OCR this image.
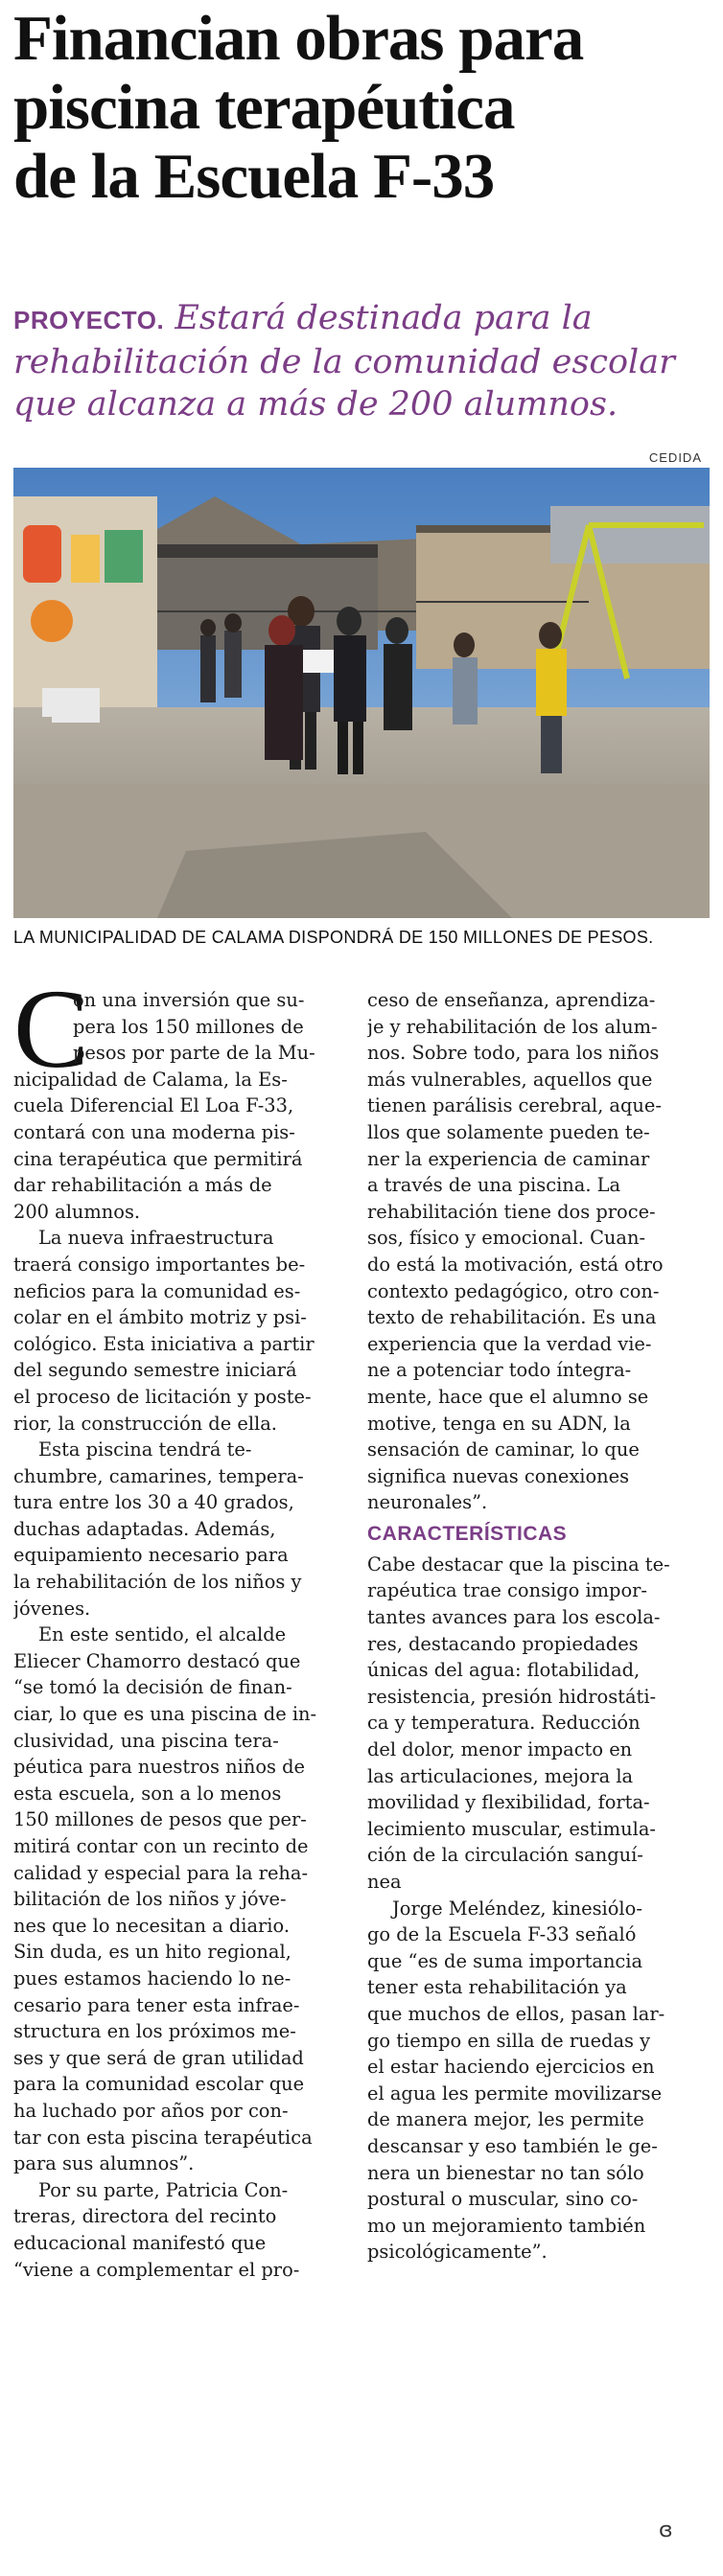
Financian obras para
piscina terapéutica
de la Escuela F-33
PROYECTO. Estará destinada para la
rehabilitación de la comunidad escolar
que alcanza a más de 200 alumnos.
CEDIDA
LA MUNICIPALIDAD DE CALAMA DISPONDRÁ DE 150 MILLONES DE PESOS.
C
on una inversión que su-
pera los 150 millones de
pesos por parte de la Mu-
nicipalidad de Calama, la Es-
cuela Diferencial El Loa F-33,
contará con una moderna pis-
cina terapéutica que permitirá
dar rehabilitación a más de
200 alumnos.
La nueva infraestructura
traerá consigo importantes be-
neficios para la comunidad es-
colar en el ámbito motriz y psi-
cológico. Esta iniciativa a partir
del segundo semestre iniciará
el proceso de licitación y poste-
rior, la construcción de ella.
Esta piscina tendrá te-
chumbre, camarines, tempera-
tura entre los 30 a 40 grados,
duchas adaptadas. Además,
equipamiento necesario para
la rehabilitación de los niños y
jóvenes.
En este sentido, el alcalde
Eliecer Chamorro destacó que
“se tomó la decisión de finan-
ciar, lo que es una piscina de in-
clusividad, una piscina tera-
péutica para nuestros niños de
esta escuela, son a lo menos
150 millones de pesos que per-
mitirá contar con un recinto de
calidad y especial para la reha-
bilitación de los niños y jóve-
nes que lo necesitan a diario.
Sin duda, es un hito regional,
pues estamos haciendo lo ne-
cesario para tener esta infrae-
structura en los próximos me-
ses y que será de gran utilidad
para la comunidad escolar que
ha luchado por años por con-
tar con esta piscina terapéutica
para sus alumnos”.
Por su parte, Patricia Con-
treras, directora del recinto
educacional manifestó que
“viene a complementar el pro-
ceso de enseñanza, aprendiza-
je y rehabilitación de los alum-
nos. Sobre todo, para los niños
más vulnerables, aquellos que
tienen parálisis cerebral, aque-
llos que solamente pueden te-
ner la experiencia de caminar
a través de una piscina. La
rehabilitación tiene dos proce-
sos, físico y emocional. Cuan-
do está la motivación, está otro
contexto pedagógico, otro con-
texto de rehabilitación. Es una
experiencia que la verdad vie-
ne a potenciar todo íntegra-
mente, hace que el alumno se
motive, tenga en su ADN, la
sensación de caminar, lo que
significa nuevas conexiones
neuronales”.
CARACTERÍSTICAS
Cabe destacar que la piscina te-
rapéutica trae consigo impor-
tantes avances para los escola-
res, destacando propiedades
únicas del agua: flotabilidad,
resistencia, presión hidrostáti-
ca y temperatura. Reducción
del dolor, menor impacto en
las articulaciones, mejora la
movilidad y flexibilidad, forta-
lecimiento muscular, estimula-
ción de la circulación sanguí-
nea
Jorge Meléndez, kinesiólo-
go de la Escuela F-33 señaló
que “es de suma importancia
tener esta rehabilitación ya
que muchos de ellos, pasan lar-
go tiempo en silla de ruedas y
el estar haciendo ejercicios en
el agua les permite movilizarse
de manera mejor, les permite
descansar y eso también le ge-
nera un bienestar no tan sólo
postural o muscular, sino co-
mo un mejoramiento también
psicológicamente”.
ɞ
